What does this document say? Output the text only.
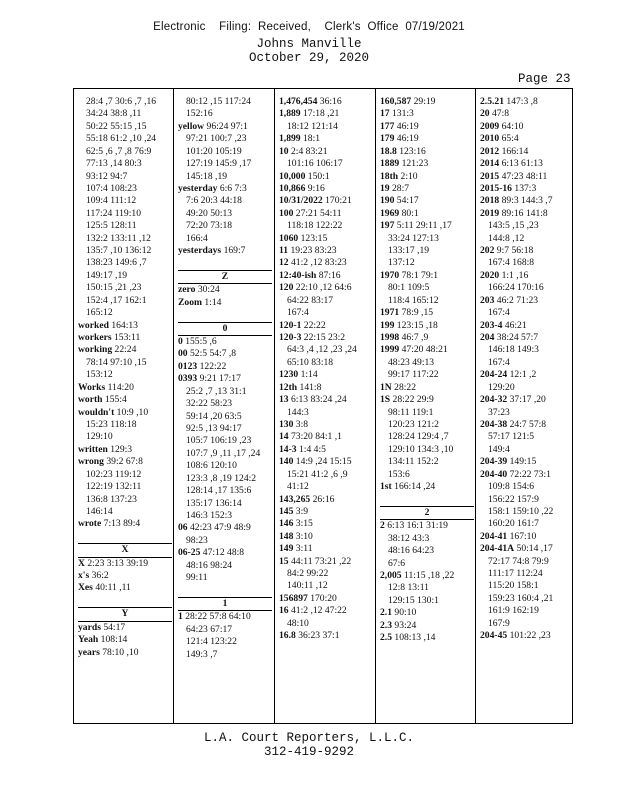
Electronic    Filing:  Received,    Clerk's  Office  07/19/2021
Johns Manville
October 29, 2020
Page 23
28:4 ,7 30:6 ,7 ,16
34:24 38:8 ,11
50:22 55:15 ,15
55:18 61:2 ,10 ,24
62:5 ,6 ,7 ,8 76:9
77:13 ,14 80:3
93:12 94:7
107:4 108:23
109:4 111:12
117:24 119:10
125:5 128:11
132:2 133:11 ,12
135:7 ,10 136:12
138:23 149:6 ,7
149:17 ,19
150:15 ,21 ,23
152:4 ,17 162:1
165:12
worked 164:13
workers 153:11
working 22:24
78:14 97:10 ,15
153:12
Works 114:20
worth 155:4
wouldn't 10:9 ,10
15:23 118:18
129:10
written 129:3
wrong 39:2 67:8
102:23 119:12
122:19 132:11
136:8 137:23
146:14
wrote 7:13 89:4

X
X 2:23 3:13 39:19
x's 36:2
Xes 40:11 ,11

Y
yards 54:17
Yeah 108:14
years 78:10 ,10
80:12 ,15 117:24
152:16
yellow 96:24 97:1
97:21 100:7 ,23
101:20 105:19
127:19 145:9 ,17
145:18 ,19
yesterday 6:6 7:3
7:6 20:3 44:18
49:20 50:13
72:20 73:18
166:4
yesterdays 169:7

Z
zero 30:24
Zoom 1:14

0
0 155:5 ,6
00 52:5 54:7 ,8
0123 122:22
0393 9:21 17:17
25:2 ,7 ,13 31:1
32:22 58:23
59:14 ,20 63:5
92:5 ,13 94:17
105:7 106:19 ,23
107:7 ,9 ,11 ,17 ,24
108:6 120:10
123:3 ,8 ,19 124:2
128:14 ,17 135:6
135:17 136:14
146:3 152:3
06 42:23 47:9 48:9
98:23
06-25 47:12 48:8
48:16 98:24
99:11

1
1 28:22 57:8 64:10
64:23 67:17
121:4 123:22
149:3 ,7
1,476,454 36:16
1,889 17:18 ,21
18:12 121:14
1,899 18:1
10 2:4 83:21
101:16 106:17
10,000 150:1
10,866 9:16
10/31/2022 170:21
100 27:21 54:11
118:18 122:22
1060 123:15
11 19:23 83:23
12 41:2 ,12 83:23
12:40-ish 87:16
120 22:10 ,12 64:6
64:22 83:17
167:4
120-1 22:22
120-3 22:15 23:2
64:3 ,4 ,12 ,23 ,24
65:10 83:18
1230 1:14
12th 141:8
13 6:13 83:24 ,24
144:3
130 3:8
14 73:20 84:1 ,1
14-3 1:4 4:5
140 14:9 ,24 15:15
15:21 41:2 ,6 ,9
41:12
143,265 26:16
145 3:9
146 3:15
148 3:10
149 3:11
15 44:11 73:21 ,22
84:2 99:22
140:11 ,12
156897 170:20
16 41:2 ,12 47:22
48:10
16.8 36:23 37:1
160,587 29:19
17 131:3
177 46:19
179 46:19
18.8 123:16
1889 121:23
18th 2:10
19 28:7
190 54:17
1969 80:1
197 5:11 29:11 ,17
33:24 127:13
133:17 ,19
137:12
1970 78:1 79:1
80:1 109:5
118:4 165:12
1971 78:9 ,15
199 123:15 ,18
1998 46:7 ,9
1999 47:20 48:21
48:23 49:13
99:17 117:22
1N 28:22
1S 28:22 29:9
98:11 119:1
120:23 121:2
128:24 129:4 ,7
129:10 134:3 ,10
134:11 152:2
153:6
1st 166:14 ,24

2
2 6:13 16:1 31:19
38:12 43:3
48:16 64:23
67:6
2,005 11:15 ,18 ,22
12:8 13:11
129:15 130:1
2.1 90:10
2.3 93:24
2.5 108:13 ,14
2.5.21 147:3 ,8
20 47:8
2009 64:10
2010 65:4
2012 166:14
2014 6:13 61:13
2015 47:23 48:11
2015-16 137:3
2018 89:3 144:3 ,7
2019 89:16 141:8
143:5 ,15 ,23
144:8 ,12
202 9:7 56:18
167:4 168:8
2020 1:1 ,16
166:24 170:16
203 46:2 71:23
167:4
203-4 46:21
204 38:24 57:7
146:18 149:3
167:4
204-24 12:1 ,2
129:20
204-32 37:17 ,20
37:23
204-38 24:7 57:8
57:17 121:5
149:4
204-39 149:15
204-40 72:22 73:1
109:8 154:6
156:22 157:9
158:1 159:10 ,22
160:20 161:7
204-41 167:10
204-41A 50:14 ,17
72:17 74:8 79:9
111:17 112:24
115:20 158:1
159:23 160:4 ,21
161:9 162:19
167:9
204-45 101:22 ,23
L.A. Court Reporters, L.L.C.
312-419-9292
